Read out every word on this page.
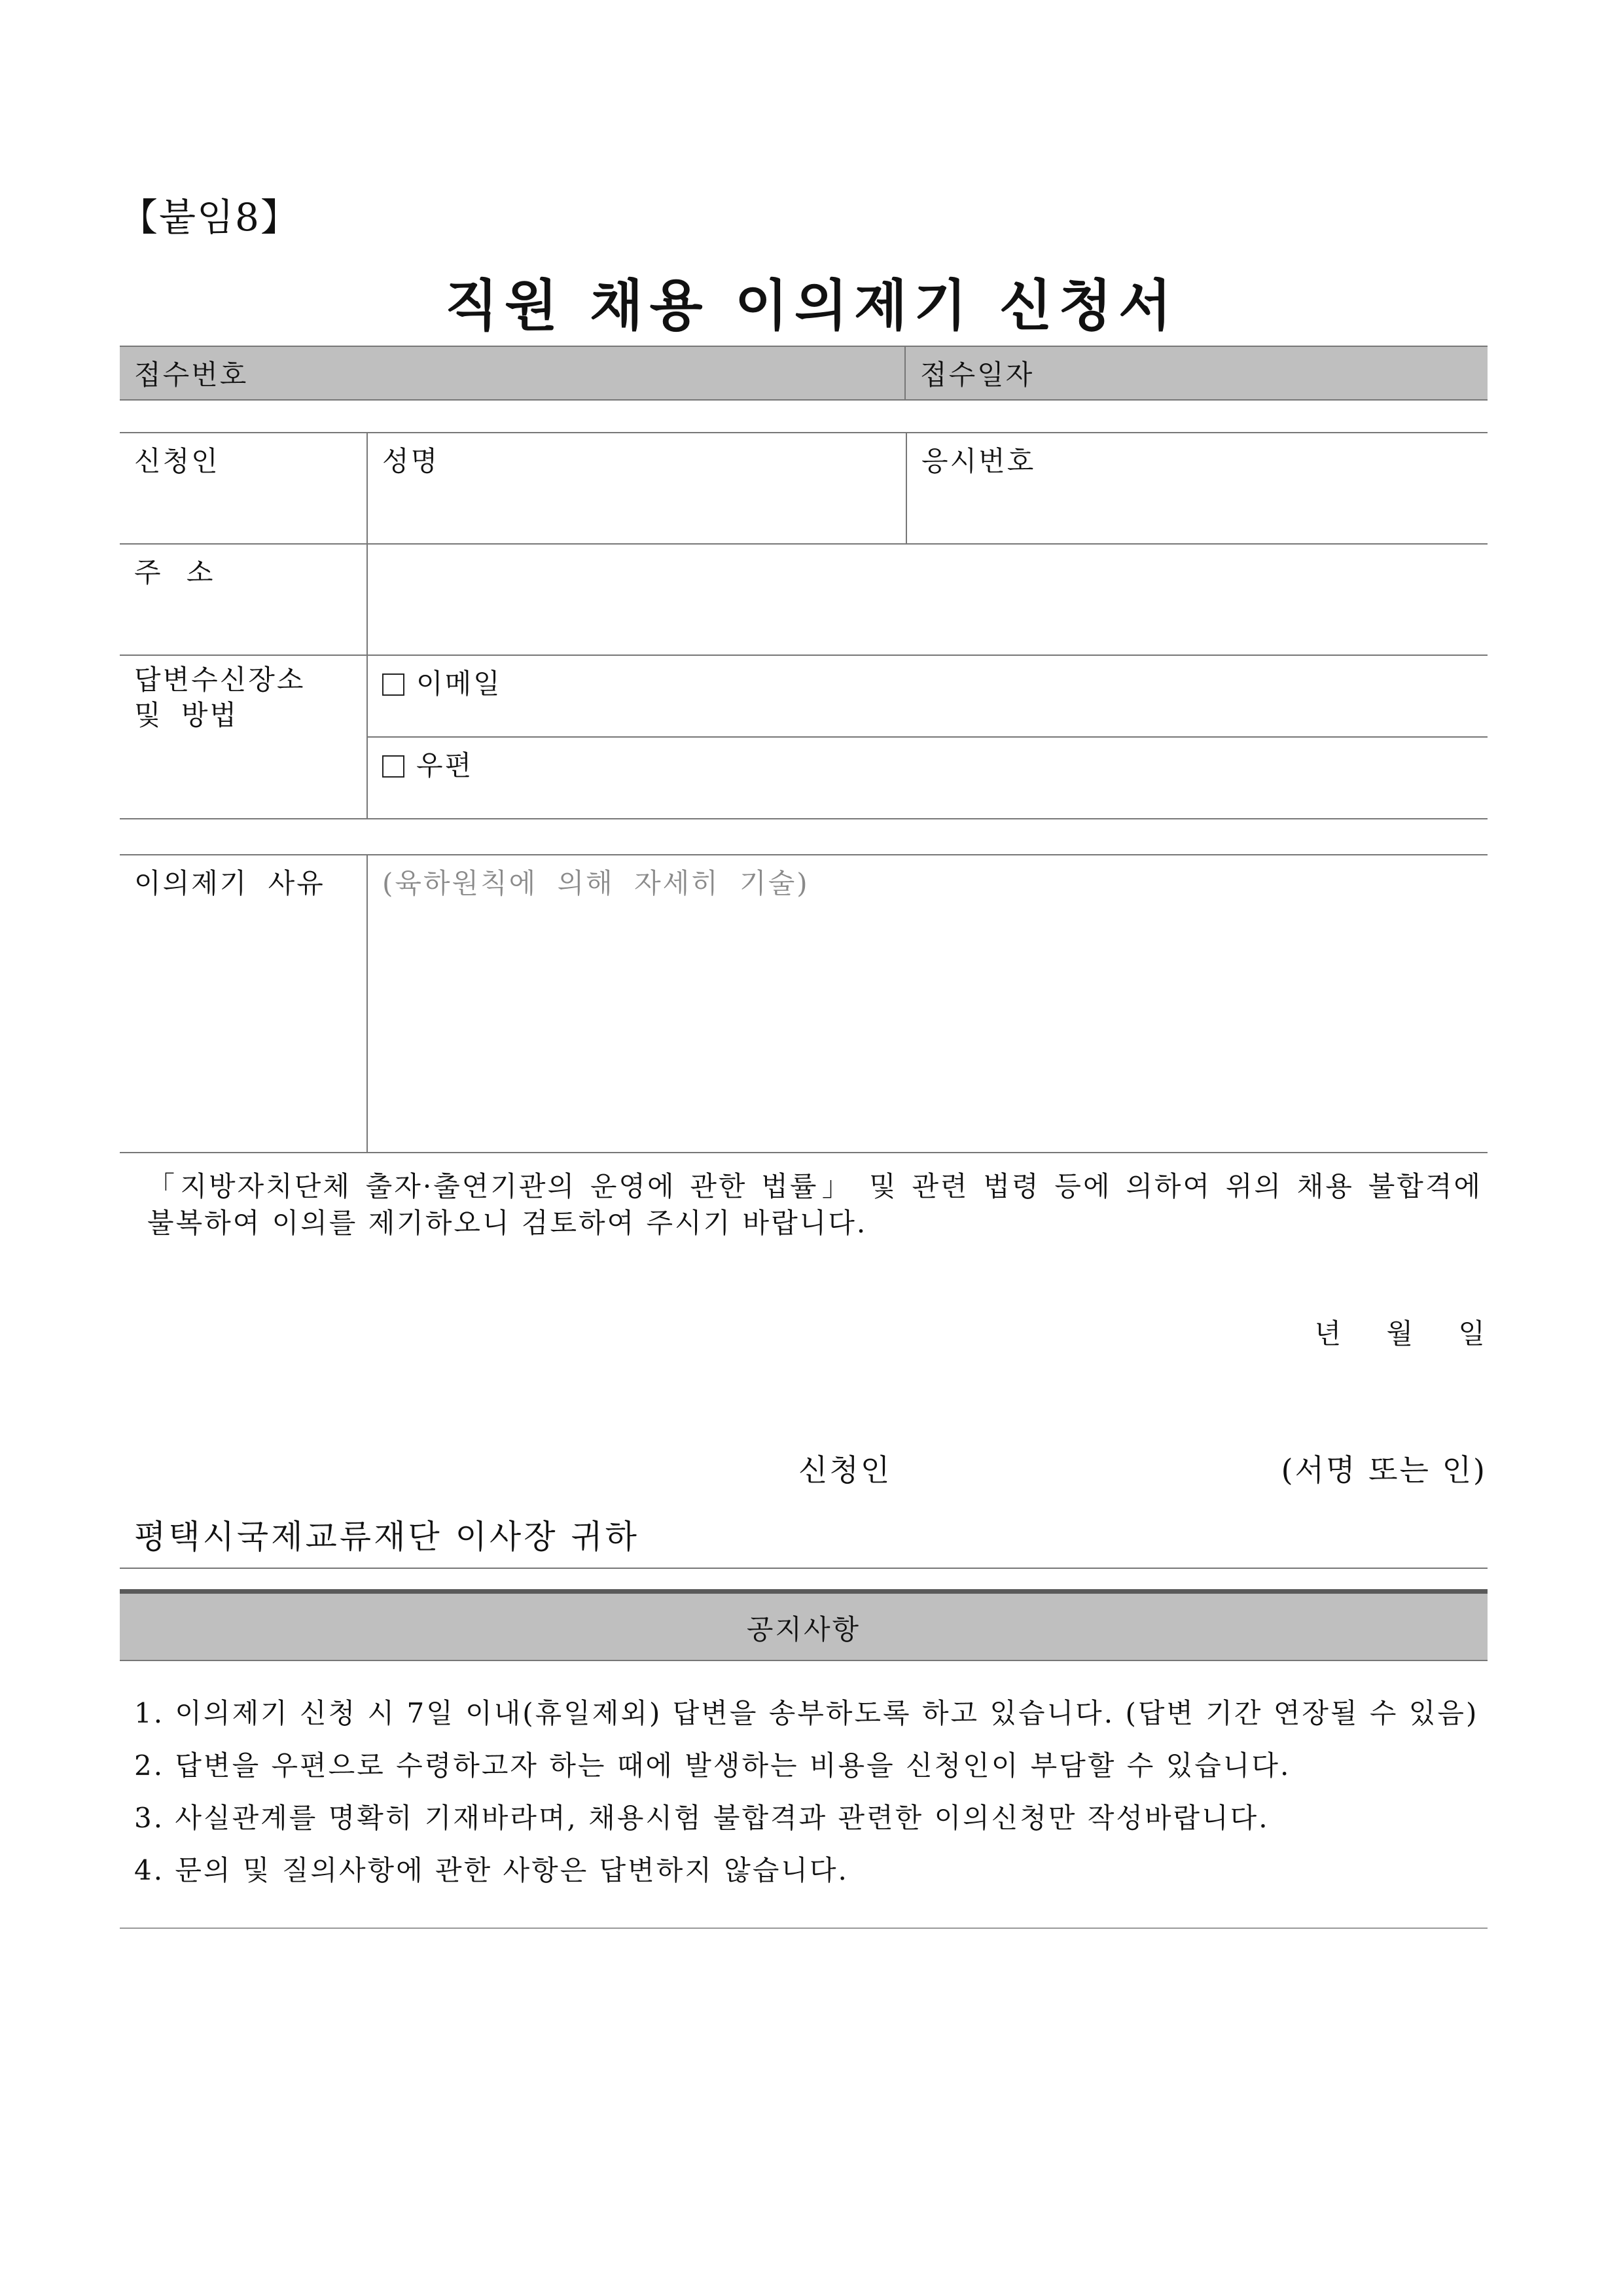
【붙임8】
직원 채용 이의제기 신청서
접수번호	접수일자
신청인	성명	응시번호
주 소		

답변수신장소 및 방법	이메일	
	우편	
이의제기 사유	(육하원칙에 의해 자세히 기술)

「지방자치단체 출자·출연기관의 운영에 관한 법률」 및 관련 법령 등에 의하여 위의 채용 불합격에

불복하여 이의를 제기하오니 검토하여 주시기 바랍니다.

년 월 일
신청인	(서명 또는 인)
평택시국제교류재단 이사장 귀하
공지사항
1. 이의제기 신청 시 7일 이내(휴일제외) 답변을 송부하도록 하고 있습니다. (답변 기간 연장될 수 있음)
2. 답변을 우편으로 수령하고자 하는 때에 발생하는 비용을 신청인이 부담할 수 있습니다.
3. 사실관계를 명확히 기재바라며, 채용시험 불합격과 관련한 이의신청만 작성바랍니다.
4. 문의 및 질의사항에 관한 사항은 답변하지 않습니다.
